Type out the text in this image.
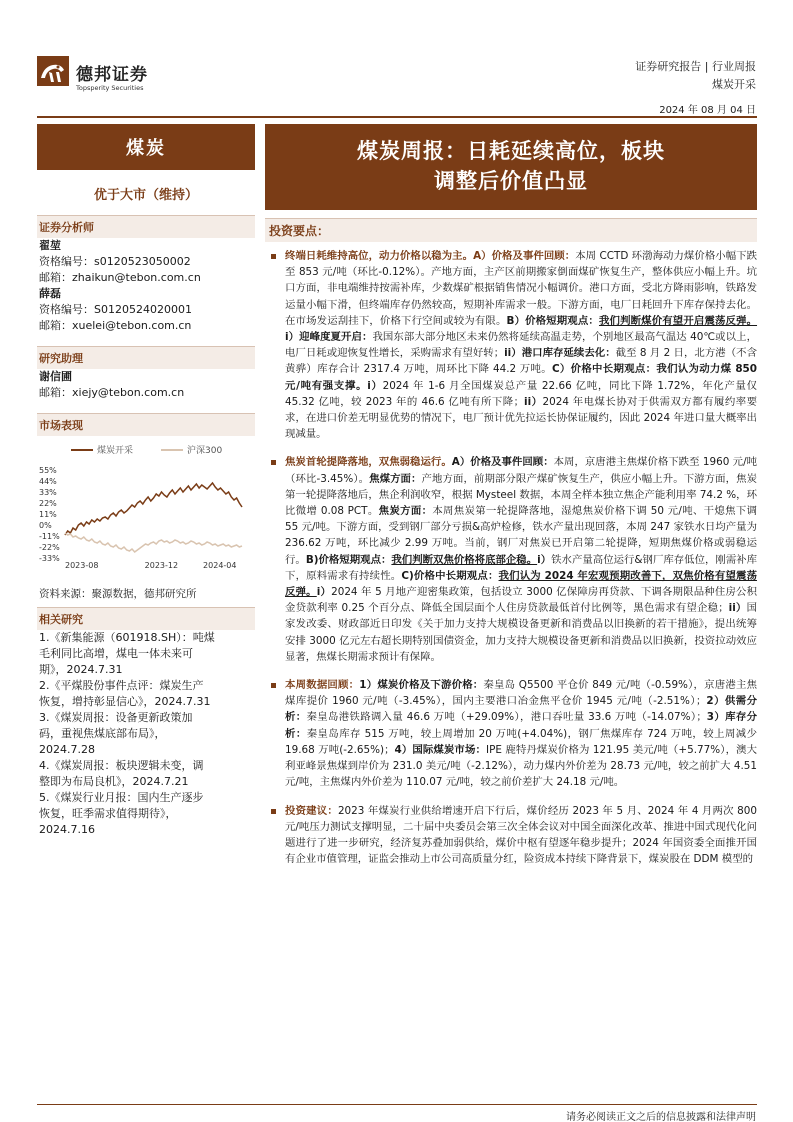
德邦证券
Topsperity Securities
证券研究报告 | 行业周报
煤炭开采
2024 年 08 月 04 日
煤炭
优于大市（维持）
证券分析师
翟堃
资格编号：s0120523050002
邮箱：zhaikun@tebon.com.cn
薛磊
资格编号：S0120524020001
邮箱：xuelei@tebon.com.cn
研究助理
谢信圃
邮箱：xiejy@tebon.com.cn
市场表现
煤炭开采	沪深300
55%
44%
33%
22%
11%
0%
-11%
-22%
-33%
2023-08	2023-12	2024-04
资料来源：聚源数据，德邦研究所
相关研究
1.《新集能源（601918.SH）：吨煤
毛利同比高增，煤电一体未来可
期》，2024.7.31
2.《平煤股份事件点评：煤炭生产
恢复，增持彰显信心》，2024.7.31
3.《煤炭周报：设备更新政策加
码，重视焦煤底部布局》，
2024.7.28
4.《煤炭周报：板块逻辑未变，调
整即为布局良机》，2024.7.21
5.《煤炭行业月报：国内生产逐步
恢复，旺季需求值得期待》，
2024.7.16
煤炭周报：日耗延续高位，板块
调整后价值凸显
投资要点：
终端日耗维持高位，动力价格以稳为主。A）价格及事件回顾：本周 CCTD 环渤海动力煤价格小幅下跌至 853 元/吨（环比-0.12%）。产地方面，主产区前期搬家倒面煤矿恢复生产，整体供应小幅上升。坑口方面，非电端维持按需补库，少数煤矿根据销售情况小幅调价。港口方面，受北方降雨影响，铁路发运量小幅下滑，但终端库存仍然较高，短期补库需求一般。下游方面，电厂日耗回升下库存保持去化。在市场发运刮挂下，价格下行空间或较为有限。B）价格短期观点：我们判断煤价有望开启震荡反弹。i）迎峰度夏开启：我国东部大部分地区未来仍然将延续高温走势，个别地区最高气温达 40℃或以上，电厂日耗或迎恢复性增长，采购需求有望好转；ii）港口库存延续去化：截至 8 月 2 日，北方港（不含黄骅）库存合计 2317.4 万吨，周环比下降 44.2 万吨。C）价格中长期观点：我们认为动力煤 850 元/吨有强支撑。i）2024 年 1-6 月全国煤炭总产量 22.66 亿吨，同比下降 1.72%，年化产量仅 45.32 亿吨，较 2023 年的 46.6 亿吨有所下降；ii）2024 年电煤长协对于供需双方都有履约率要求，在进口价差无明显优势的情况下，电厂预计优先拉运长协保证履约，因此 2024 年进口量大概率出现减量。
焦炭首轮提降落地，双焦弱稳运行。A）价格及事件回顾：本周，京唐港主焦煤价格下跌至 1960 元/吨（环比-3.45%）。焦煤方面：产地方面，前期部分限产煤矿恢复生产，供应小幅上升。下游方面，焦炭第一轮提降落地后，焦企利润收窄，根据 Mysteel 数据，本周全样本独立焦企产能利用率 74.2 %，环比微增 0.08 PCT。焦炭方面：本周焦炭第一轮提降落地，湿熄焦炭价格下调 50 元/吨、干熄焦下调 55 元/吨。下游方面，受到钢厂部分亏损&高炉检修，铁水产量出现回落，本周 247 家铁水日均产量为 236.62 万吨，环比减少 2.99 万吨。当前，钢厂对焦炭已开启第二轮提降，短期焦煤价格或弱稳运行。B)价格短期观点：我们判断双焦价格将底部企稳。i）铁水产量高位运行&钢厂库存低位，刚需补库下，原料需求有持续性。C)价格中长期观点：我们认为 2024 年宏观预期改善下，双焦价格有望震荡反弹。i）2024 年 5 月地产迎密集政策，包括设立 3000 亿保障房再贷款、下调各期限品种住房公积金贷款利率 0.25 个百分点、降低全国层面个人住房贷款最低首付比例等，黑色需求有望企稳；ii）国家发改委、财政部近日印发《关于加力支持大规模设备更新和消费品以旧换新的若干措施》，提出统筹安排 3000 亿元左右超长期特别国债资金，加力支持大规模设备更新和消费品以旧换新，投资拉动效应显著，焦煤长期需求预计有保障。
本周数据回顾：1）煤炭价格及下游价格：秦皇岛 Q5500 平仓价 849 元/吨（-0.59%），京唐港主焦煤库提价 1960 元/吨（-3.45%），国内主要港口冶金焦平仓价 1945 元/吨（-2.51%）；2）供需分析：秦皇岛港铁路调入量 46.6 万吨（+29.09%），港口吞吐量 33.6 万吨（-14.07%）；3）库存分析：秦皇岛库存 515 万吨，较上周增加 20 万吨(+4.04%)，钢厂焦煤库存 724 万吨，较上周减少 19.68 万吨(-2.65%)；4）国际煤炭市场：IPE 鹿特丹煤炭价格为 121.95 美元/吨（+5.77%），澳大利亚峰景焦煤到岸价为 231.0 美元/吨（-2.12%），动力煤内外价差为 28.73 元/吨，较之前扩大 4.51 元/吨，主焦煤内外价差为 110.07 元/吨，较之前价差扩大 24.18 元/吨。
投资建议：2023 年煤炭行业供给增速开启下行后，煤价经历 2023 年 5 月、2024 年 4 月两次 800 元/吨压力测试支撑明显，二十届中央委员会第三次全体会议对中国全面深化改革、推进中国式现代化问题进行了进一步研究，经济复苏叠加弱供给，煤价中枢有望逐年稳步提升；2024 年国资委全面推开国有企业市值管理，证监会推动上市公司高质量分红，险资成本持续下降背景下，煤炭股在 DDM 模型的
请务必阅读正文之后的信息披露和法律声明
